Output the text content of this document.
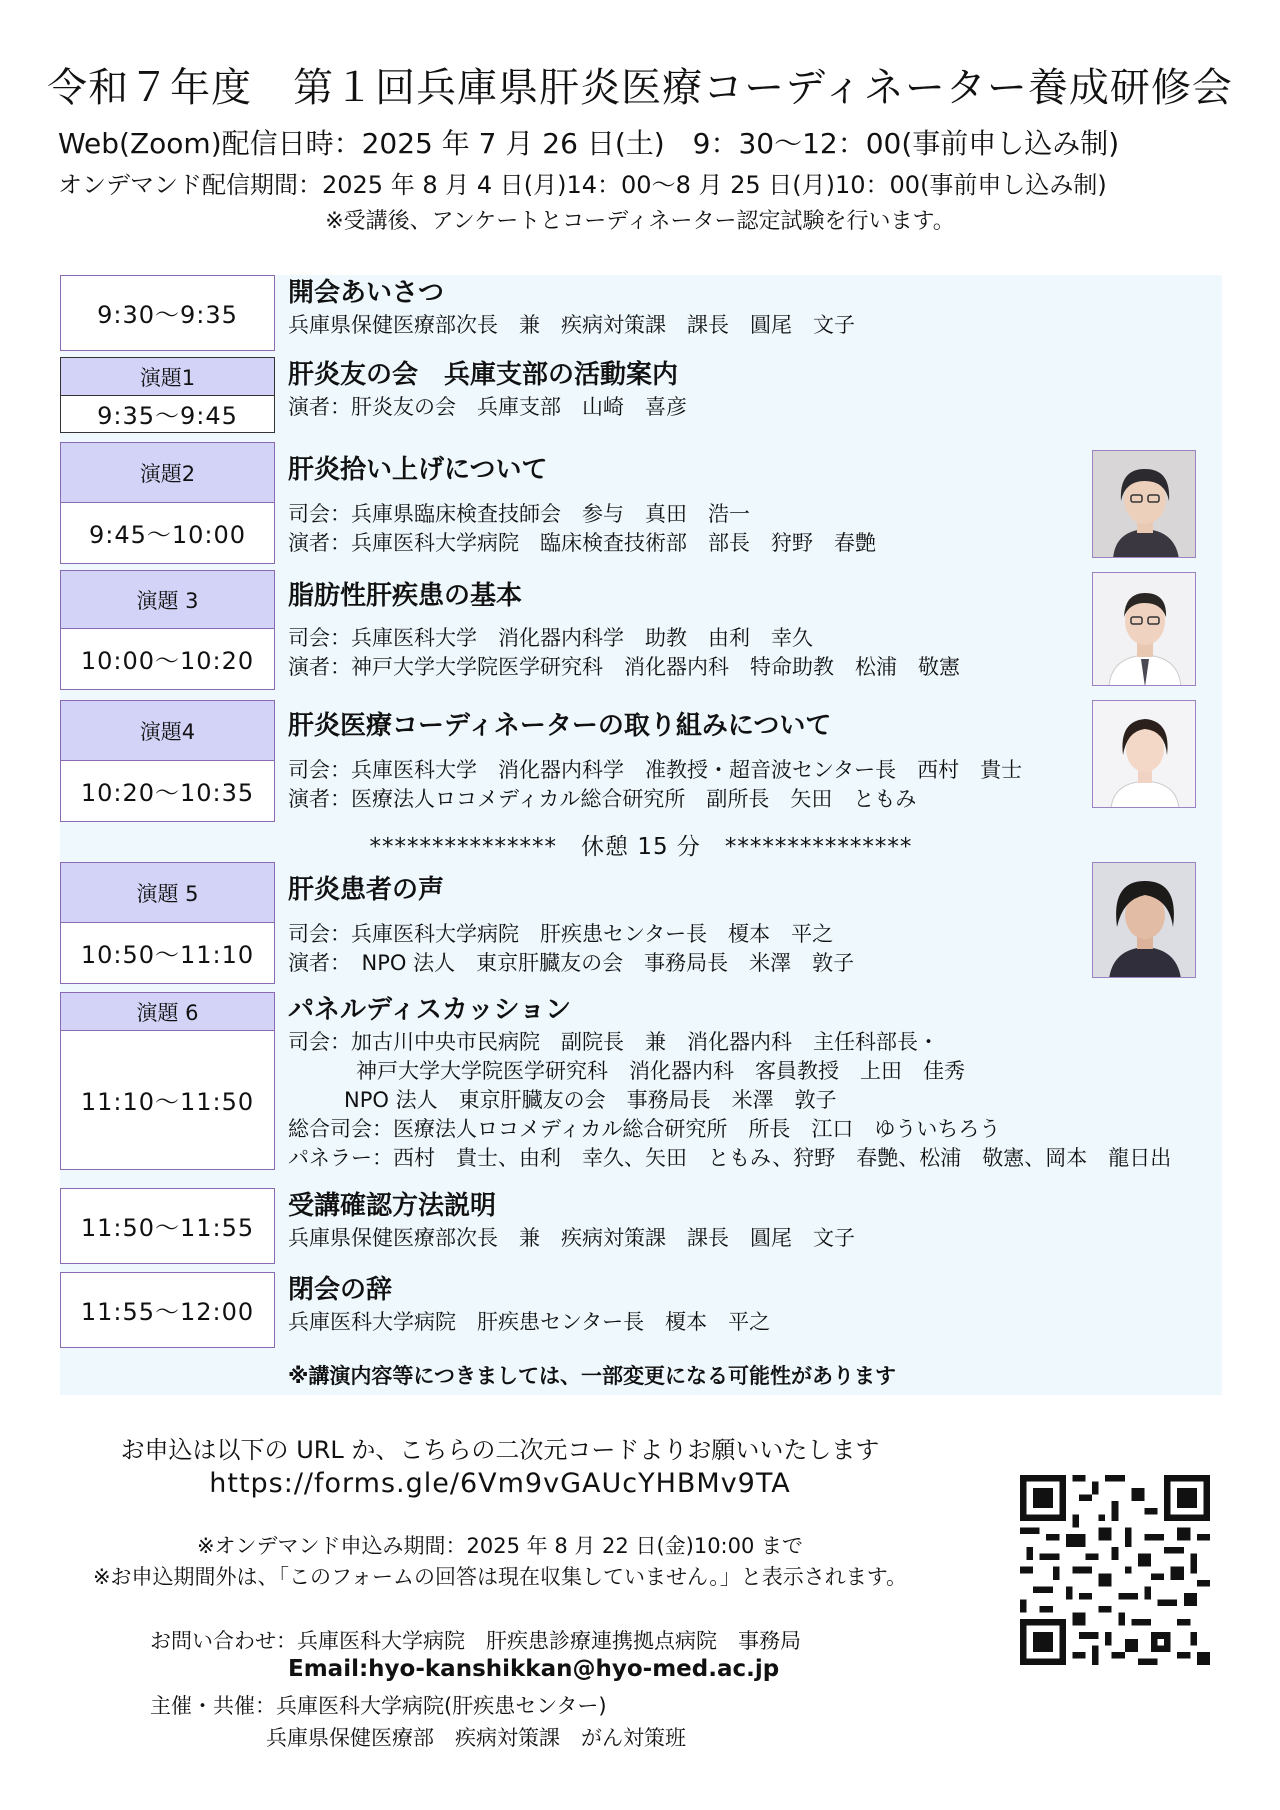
令和７年度　第１回兵庫県肝炎医療コーディネーター養成研修会
Web(Zoom)配信日時：2025 年 7 月 26 日(土)　9：30〜12：00(事前申し込み制)
オンデマンド配信期間：2025 年 8 月 4 日(月)14：00〜8 月 25 日(月)10：00(事前申し込み制)
※受講後、アンケートとコーディネーター認定試験を行います。
9:30〜9:35
開会あいさつ
兵庫県保健医療部次長　兼　疾病対策課　課長　圓尾　文子
演題1
9:35〜9:45
肝炎友の会　兵庫支部の活動案内
演者：肝炎友の会　兵庫支部　山崎　喜彦
演題2
9:45〜10:00
肝炎拾い上げについて
司会：兵庫県臨床検査技師会　参与　真田　浩一
演者：兵庫医科大学病院　臨床検査技術部　部長　狩野　春艶
演題 3
10:00〜10:20
脂肪性肝疾患の基本
司会：兵庫医科大学　消化器内科学　助教　由利　幸久
演者：神戸大学大学院医学研究科　消化器内科　特命助教　松浦　敬憲
演題4
10:20〜10:35
肝炎医療コーディネーターの取り組みについて
司会：兵庫医科大学　消化器内科学　准教授・超音波センター長　西村　貴士
演者：医療法人ロコメディカル総合研究所　副所長　矢田　ともみ
***************　休憩 15 分　***************
演題 5
10:50〜11:10
肝炎患者の声
司会：兵庫医科大学病院　肝疾患センター長　榎本　平之
演者：　NPO 法人　東京肝臓友の会　事務局長　米澤　敦子
演題 6
11:10〜11:50
パネルディスカッション
司会：加古川中央市民病院　副院長　兼　消化器内科　主任科部長・
神戸大学大学院医学研究科　消化器内科　客員教授　上田　佳秀
NPO 法人　東京肝臓友の会　事務局長　米澤　敦子
総合司会：医療法人ロコメディカル総合研究所　所長　江口　ゆういちろう
パネラー：西村　貴士、由利　幸久、矢田　ともみ、狩野　春艶、松浦　敬憲、岡本　龍日出
11:50〜11:55
受講確認方法説明
兵庫県保健医療部次長　兼　疾病対策課　課長　圓尾　文子
11:55〜12:00
閉会の辞
兵庫医科大学病院　肝疾患センター長　榎本　平之
※講演内容等につきましては、一部変更になる可能性があります
お申込は以下の URL か、こちらの二次元コードよりお願いいたします
https://forms.gle/6Vm9vGAUcYHBMv9TA
※オンデマンド申込み期間：2025 年 8 月 22 日(金)10:00 まで
※お申込期間外は、「このフォームの回答は現在収集していません。」と表示されます。
お問い合わせ：兵庫医科大学病院　肝疾患診療連携拠点病院　事務局
Email:hyo-kanshikkan@hyo-med.ac.jp
主催・共催：兵庫医科大学病院(肝疾患センター)
兵庫県保健医療部　疾病対策課　がん対策班
